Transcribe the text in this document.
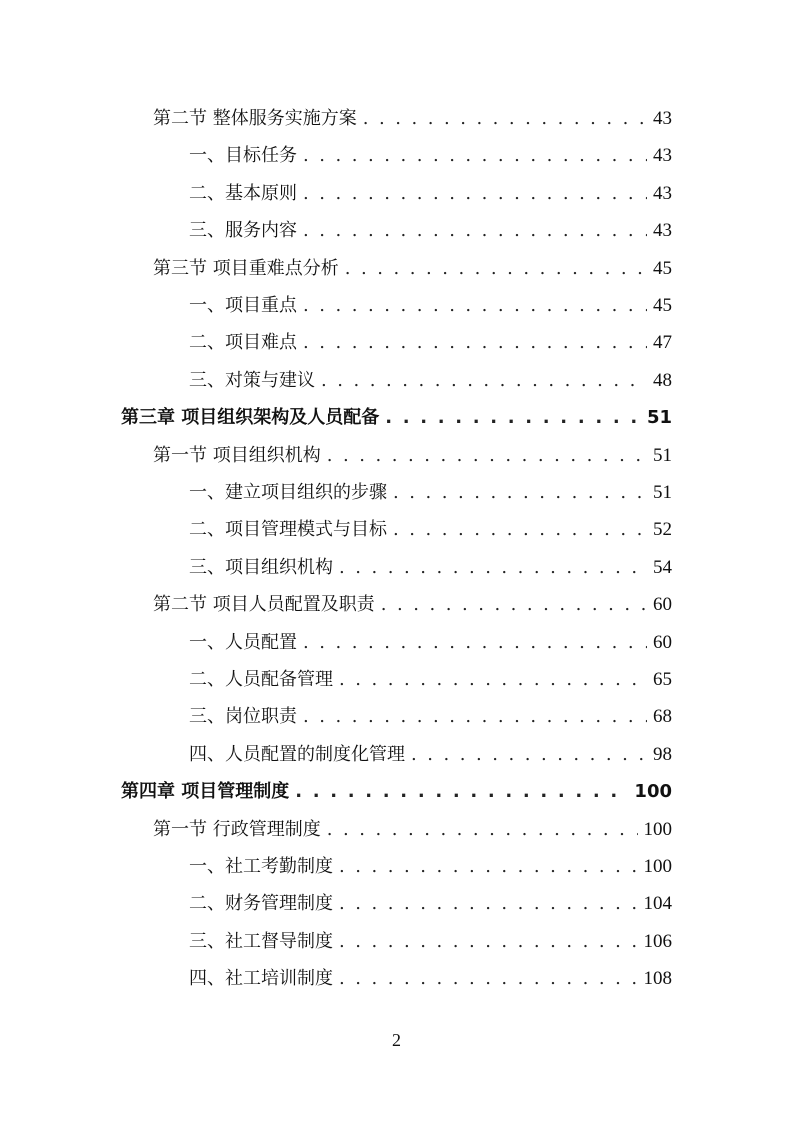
第二节 整体服务实施方案 . . .	43
一、目标任务 . . .	43
二、基本原则 . . .	43
三、服务内容 . . .	43
第三节 项目重难点分析 . . .	45
一、项目重点 . . .	45
二、项目难点 . . .	47
三、对策与建议 . . .	48
第三章 项目组织架构及人员配备 . . .	51
第一节 项目组织机构 . . .	51
一、建立项目组织的步骤 . . .	51
二、项目管理模式与目标 . . .	52
三、项目组织机构 . . .	54
第二节 项目人员配置及职责 . . .	60
一、人员配置 . . .	60
二、人员配备管理 . . .	65
三、岗位职责 . . .	68
四、人员配置的制度化管理 . . .	98
第四章 项目管理制度 . . .	100
第一节 行政管理制度 . . .	100
一、社工考勤制度 . . .	100
二、财务管理制度 . . .	104
三、社工督导制度 . . .	106
四、社工培训制度 . . .	108
2
